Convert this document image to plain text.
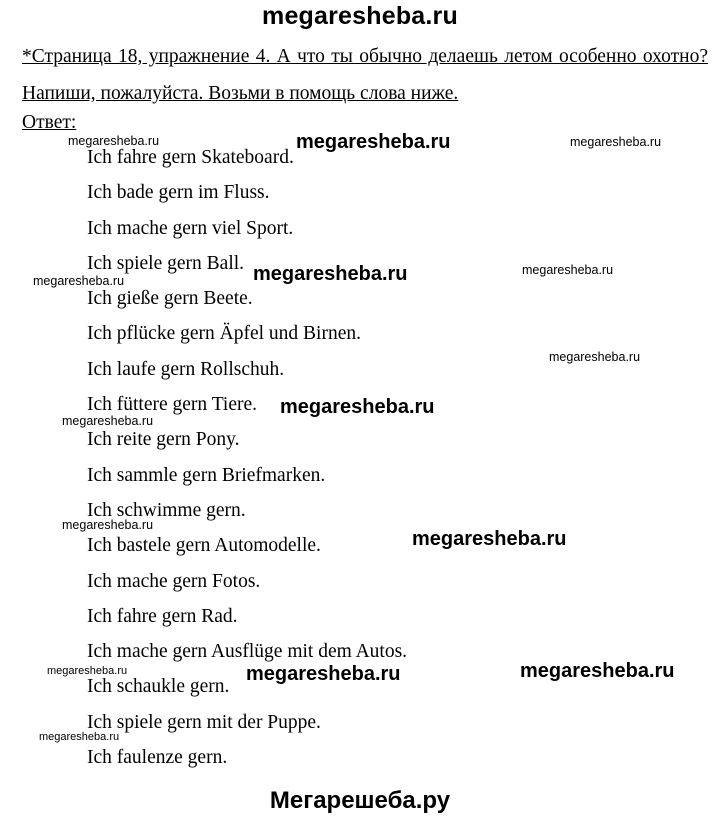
megaresheba.ru
*Страница 18, упражнение 4. А что ты обычно делаешь летом особенно охотно? Напиши, пожалуйста. Возьми в помощь слова ниже.
Ответ:
Ich fahre gern Skateboard.
Ich bade gern im Fluss.
Ich mache gern viel Sport.
Ich spiele gern Ball.
Ich gieße gern Beete.
Ich pflücke gern Äpfel und Birnen.
Ich laufe gern Rollschuh.
Ich füttere gern Tiere.
Ich reite gern Pony.
Ich sammle gern Briefmarken.
Ich schwimme gern.
Ich bastele gern Automodelle.
Ich mache gern Fotos.
Ich fahre gern Rad.
Ich mache gern Ausflüge mit dem Autos.
Ich schaukle gern.
Ich spiele gern mit der Puppe.
Ich faulenze gern.
megaresheba.ru	megaresheba.ru	megaresheba.ru
megaresheba.ru	megaresheba.ru	megaresheba.ru
megaresheba.ru
megaresheba.ru
megaresheba.ru
megaresheba.ru
megaresheba.ru
megaresheba.ru	megaresheba.ru	megaresheba.ru
megaresheba.ru
Мегарешеба.ру
